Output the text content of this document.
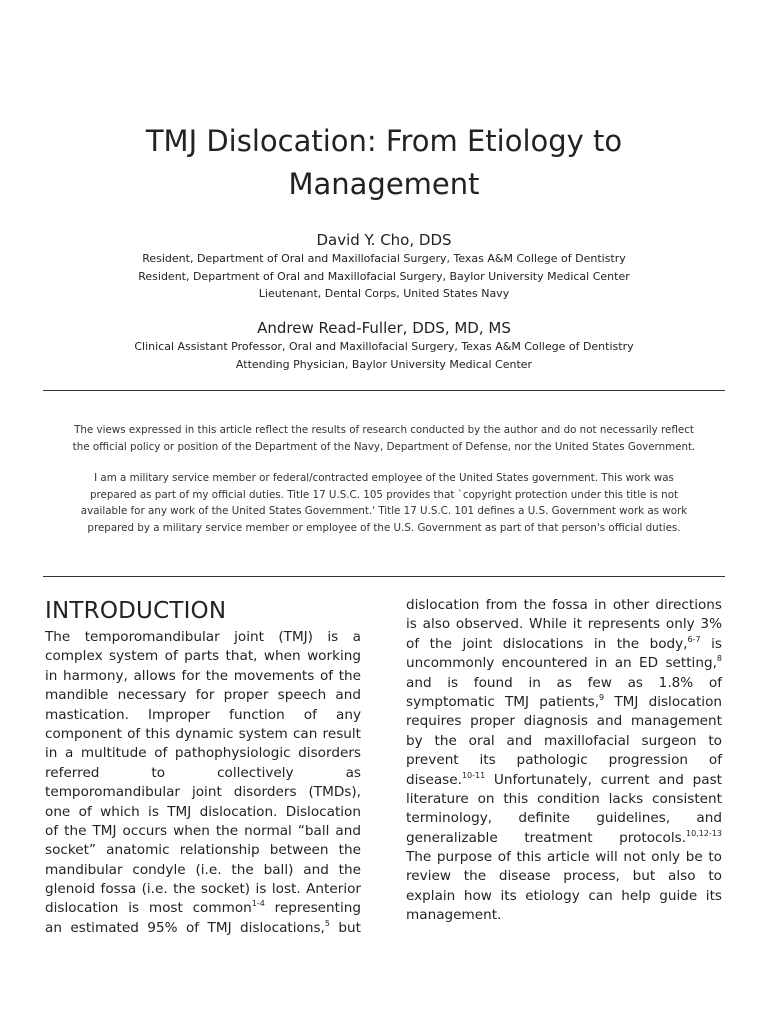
TMJ Dislocation: From Etiology to
Management

David Y. Cho, DDS

Resident, Department of Oral and Maxillofacial Surgery, Texas A&M College of Dentistry
Resident, Department of Oral and Maxillofacial Surgery, Baylor University Medical Center
Lieutenant, Dental Corps, United States Navy

Andrew Read-Fuller, DDS, MD, MS

Clinical Assistant Professor, Oral and Maxillofacial Surgery, Texas A&M College of Dentistry
Attending Physician, Baylor University Medical Center

The views expressed in this article reflect the results of research conducted by the author and do not necessarily reflect
the official policy or position of the Department of the Navy, Department of Defense, nor the United States Government.

I am a military service member or federal/contracted employee of the United States government. This work was
prepared as part of my official duties. Title 17 U.S.C. 105 provides that `copyright protection under this title is not
available for any work of the United States Government.' Title 17 U.S.C. 101 defines a U.S. Government work as work
prepared by a military service member or employee of the U.S. Government as part of that person's official duties.

INTRODUCTION
The temporomandibular joint (TMJ) is a
complex system of parts that, when working
in harmony, allows for the movements of the
mandible necessary for proper speech and
mastication. Improper function of any
component of this dynamic system can result
in a multitude of pathophysiologic disorders
referred to collectively as
temporomandibular joint disorders (TMDs),
one of which is TMJ dislocation. Dislocation
of the TMJ occurs when the normal “ball and
socket” anatomic relationship between the
mandibular condyle (i.e. the ball) and the
glenoid fossa (i.e. the socket) is lost. Anterior
dislocation is most common$^{1-4}$ representing
an estimated 95% of TMJ dislocations,$^5$ but
dislocation from the fossa in other directions
is also observed. While it represents only 3%
of the joint dislocations in the body,$^{6-7}$ is
uncommonly encountered in an ED setting,$^8$
and is found in as few as 1.8% of
symptomatic TMJ patients,$^9$ TMJ dislocation
requires proper diagnosis and management
by the oral and maxillofacial surgeon to
prevent its pathologic progression of
disease.$^{10-11}$ Unfortunately, current and past
literature on this condition lacks consistent
terminology, definite guidelines, and
generalizable treatment protocols.$^{10,12-13}$
The purpose of this article will not only be to
review the disease process, but also to
explain how its etiology can help guide its
management.
